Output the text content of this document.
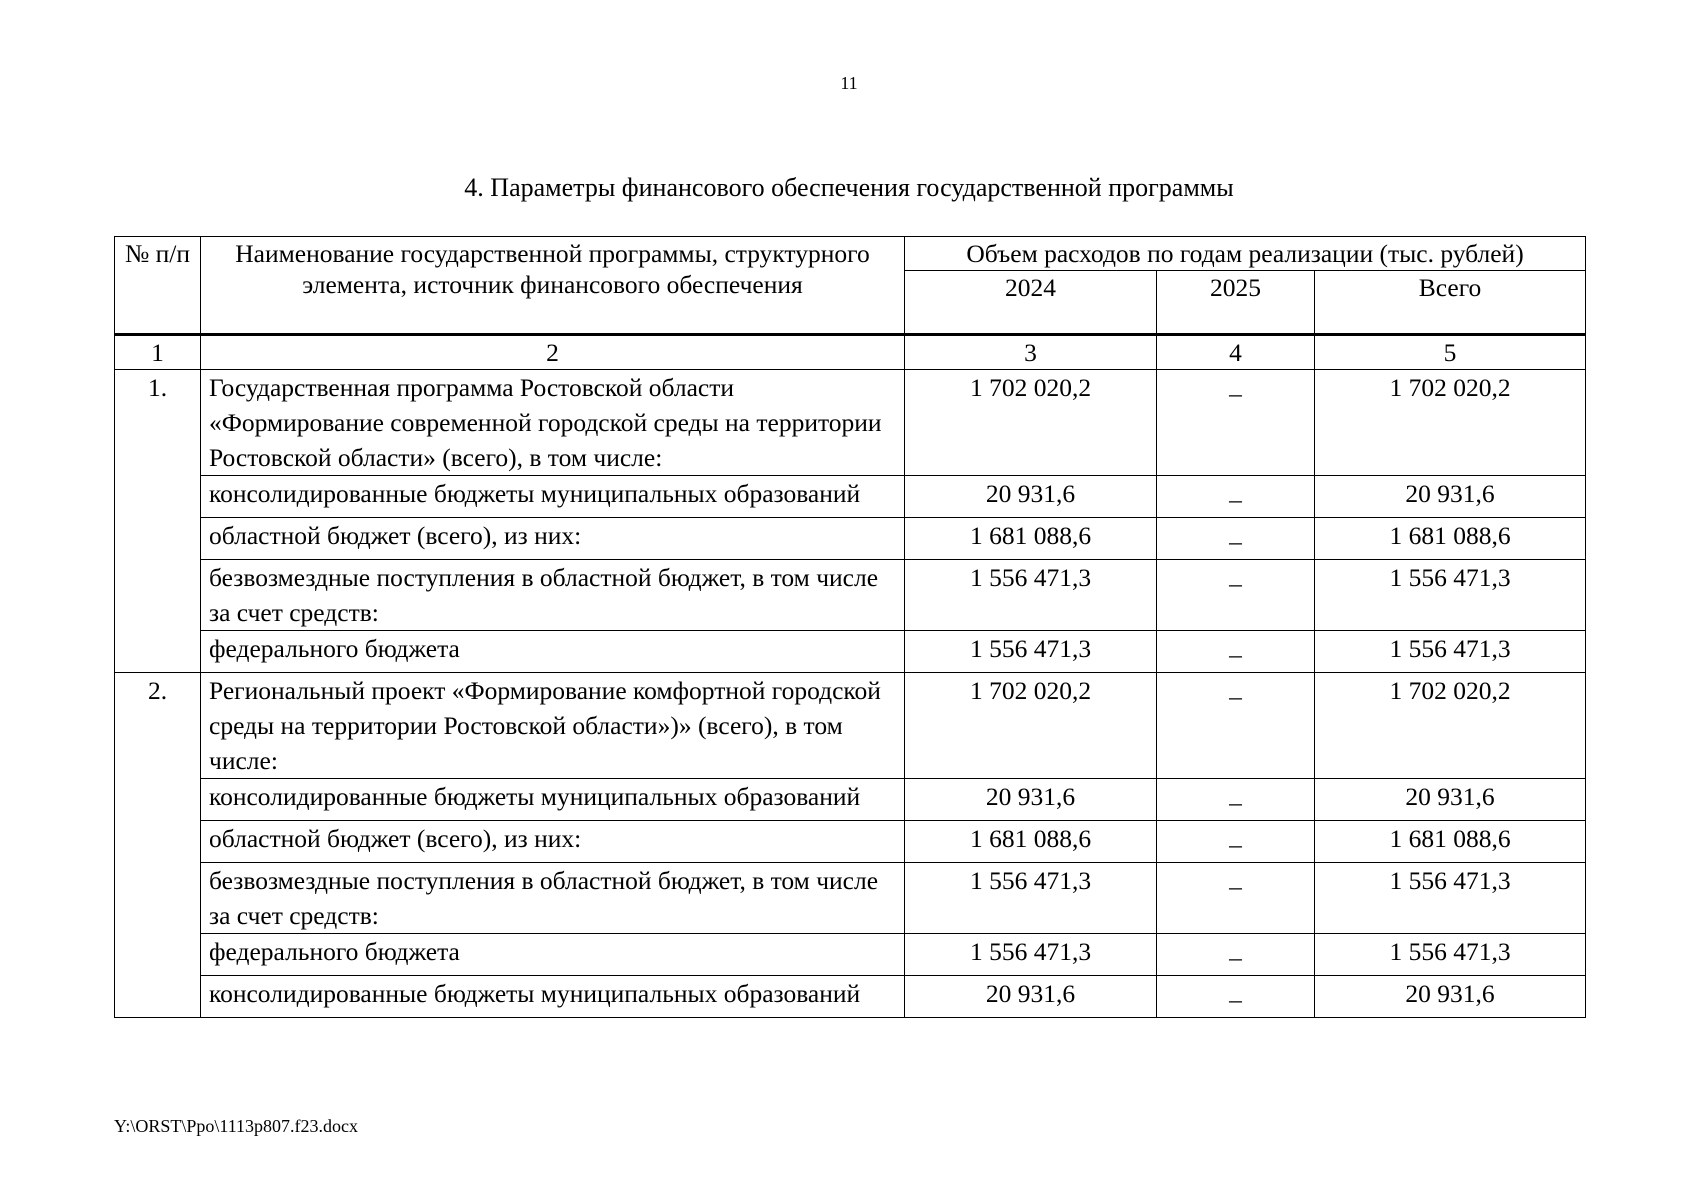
11
4. Параметры финансового обеспечения государственной программы
№ п/п	Наименование государственной программы, структурного элемента, источник финансового обеспечения	Объем расходов по годам реализации (тыс. рублей)		
		2024	2025	Всего
1	2	3	4	5
1.	Государственная программа Ростовской области «Формирование современной городской среды на территории Ростовской области» (всего), в том числе:	1 702 020,2	–	1 702 020,2
	консолидированные бюджеты муниципальных образований	20 931,6	–	20 931,6
	областной бюджет (всего), из них:	1 681 088,6	–	1 681 088,6
	безвозмездные поступления в областной бюджет, в том числе за счет средств:	1 556 471,3	–	1 556 471,3
	федерального бюджета	1 556 471,3	–	1 556 471,3
2.	Региональный проект «Формирование комфортной городской среды на территории Ростовской области»)» (всего), в том числе:	1 702 020,2	–	1 702 020,2
	консолидированные бюджеты муниципальных образований	20 931,6	–	20 931,6
	областной бюджет (всего), из них:	1 681 088,6	–	1 681 088,6
	безвозмездные поступления в областной бюджет, в том числе за счет средств:	1 556 471,3	–	1 556 471,3
	федерального бюджета	1 556 471,3	–	1 556 471,3
	консолидированные бюджеты муниципальных образований	20 931,6	–	20 931,6
Y:\ORST\Ppo\1113p807.f23.docx
